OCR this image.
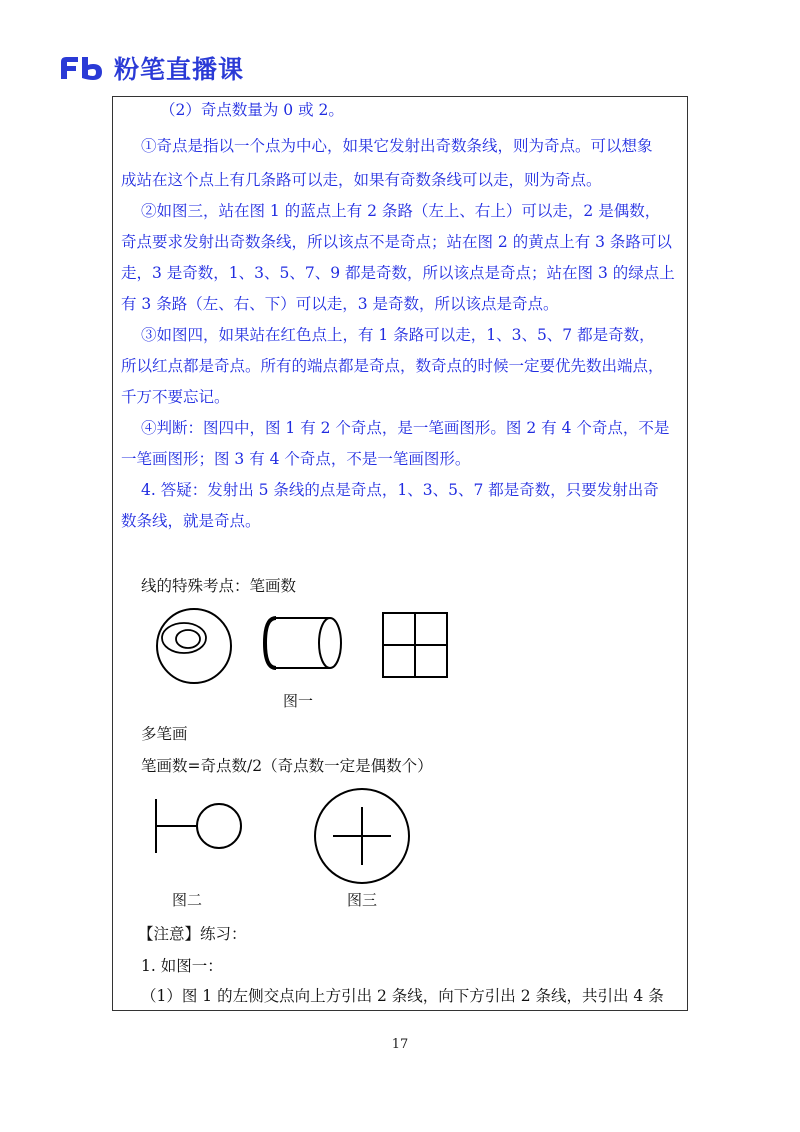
粉笔直播课
（2）奇点数量为 0 或 2。
①奇点是指以一个点为中心，如果它发射出奇数条线，则为奇点。可以想象
成站在这个点上有几条路可以走，如果有奇数条线可以走，则为奇点。
②如图三，站在图 1 的蓝点上有 2 条路（左上、右上）可以走，2 是偶数，
奇点要求发射出奇数条线，所以该点不是奇点；站在图 2 的黄点上有 3 条路可以
走，3 是奇数，1、3、5、7、9 都是奇数，所以该点是奇点；站在图 3 的绿点上
有 3 条路（左、右、下）可以走，3 是奇数，所以该点是奇点。
③如图四，如果站在红色点上，有 1 条路可以走，1、3、5、7 都是奇数，
所以红点都是奇点。所有的端点都是奇点，数奇点的时候一定要优先数出端点，
千万不要忘记。
④判断：图四中，图 1 有 2 个奇点，是一笔画图形。图 2 有 4 个奇点，不是
一笔画图形；图 3 有 4 个奇点，不是一笔画图形。
4. 答疑：发射出 5 条线的点是奇点，1、3、5、7 都是奇数，只要发射出奇
数条线，就是奇点。
线的特殊考点：笔画数
图一
多笔画
笔画数=奇点数/2（奇点数一定是偶数个）
图二	图三
【注意】练习：
1. 如图一：
（1）图 1 的左侧交点向上方引出 2 条线，向下方引出 2 条线，共引出 4 条
17
